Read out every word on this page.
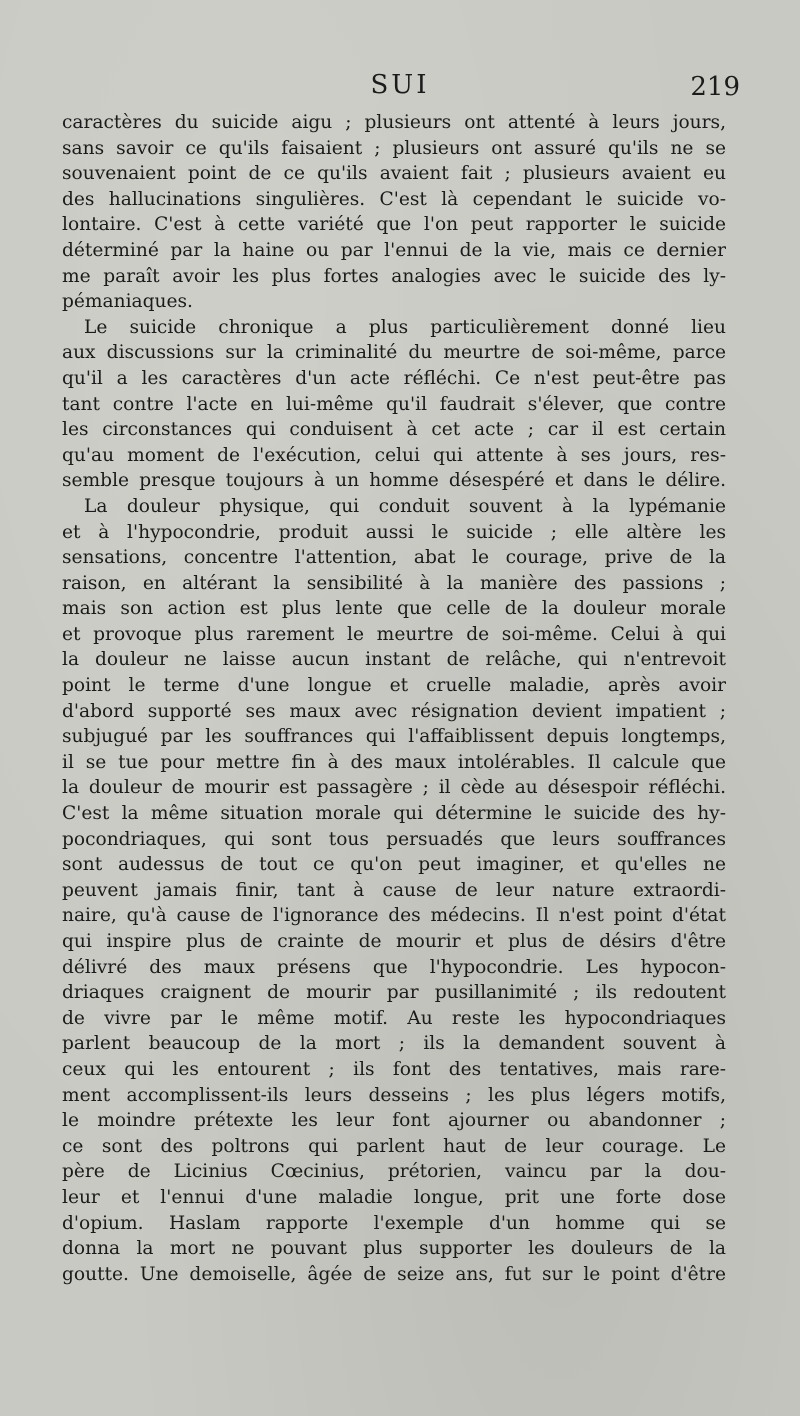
SUI	219
caractères du suicide aigu ; plusieurs ont attenté à leurs jours,
sans savoir ce qu'ils faisaient ; plusieurs ont assuré qu'ils ne se
souvenaient point de ce qu'ils avaient fait ; plusieurs avaient eu
des hallucinations singulières. C'est là cependant le suicide vo-
lontaire. C'est à cette variété que l'on peut rapporter le suicide
déterminé par la haine ou par l'ennui de la vie, mais ce dernier
me paraît avoir les plus fortes analogies avec le suicide des ly-
pémaniaques.
Le suicide chronique a plus particulièrement donné lieu
aux discussions sur la criminalité du meurtre de soi-même, parce
qu'il a les caractères d'un acte réfléchi. Ce n'est peut-être pas
tant contre l'acte en lui-même qu'il faudrait s'élever, que contre
les circonstances qui conduisent à cet acte ; car il est certain
qu'au moment de l'exécution, celui qui attente à ses jours, res-
semble presque toujours à un homme désespéré et dans le délire.
La douleur physique, qui conduit souvent à la lypémanie
et à l'hypocondrie, produit aussi le suicide ; elle altère les
sensations, concentre l'attention, abat le courage, prive de la
raison, en altérant la sensibilité à la manière des passions ;
mais son action est plus lente que celle de la douleur morale
et provoque plus rarement le meurtre de soi-même. Celui à qui
la douleur ne laisse aucun instant de relâche, qui n'entrevoit
point le terme d'une longue et cruelle maladie, après avoir
d'abord supporté ses maux avec résignation devient impatient ;
subjugué par les souffrances qui l'affaiblissent depuis longtemps,
il se tue pour mettre fin à des maux intolérables. Il calcule que
la douleur de mourir est passagère ; il cède au désespoir réfléchi.
C'est la même situation morale qui détermine le suicide des hy-
pocondriaques, qui sont tous persuadés que leurs souffrances
sont audessus de tout ce qu'on peut imaginer, et qu'elles ne
peuvent jamais finir, tant à cause de leur nature extraordi-
naire, qu'à cause de l'ignorance des médecins. Il n'est point d'état
qui inspire plus de crainte de mourir et plus de désirs d'être
délivré des maux présens que l'hypocondrie. Les hypocon-
driaques craignent de mourir par pusillanimité ; ils redoutent
de vivre par le même motif. Au reste les hypocondriaques
parlent beaucoup de la mort ; ils la demandent souvent à
ceux qui les entourent ; ils font des tentatives, mais rare-
ment accomplissent-ils leurs desseins ; les plus légers motifs,
le moindre prétexte les leur font ajourner ou abandonner ;
ce sont des poltrons qui parlent haut de leur courage. Le
père de Licinius Cœcinius, prétorien, vaincu par la dou-
leur et l'ennui d'une maladie longue, prit une forte dose
d'opium. Haslam rapporte l'exemple d'un homme qui se
donna la mort ne pouvant plus supporter les douleurs de la
goutte. Une demoiselle, âgée de seize ans, fut sur le point d'être
